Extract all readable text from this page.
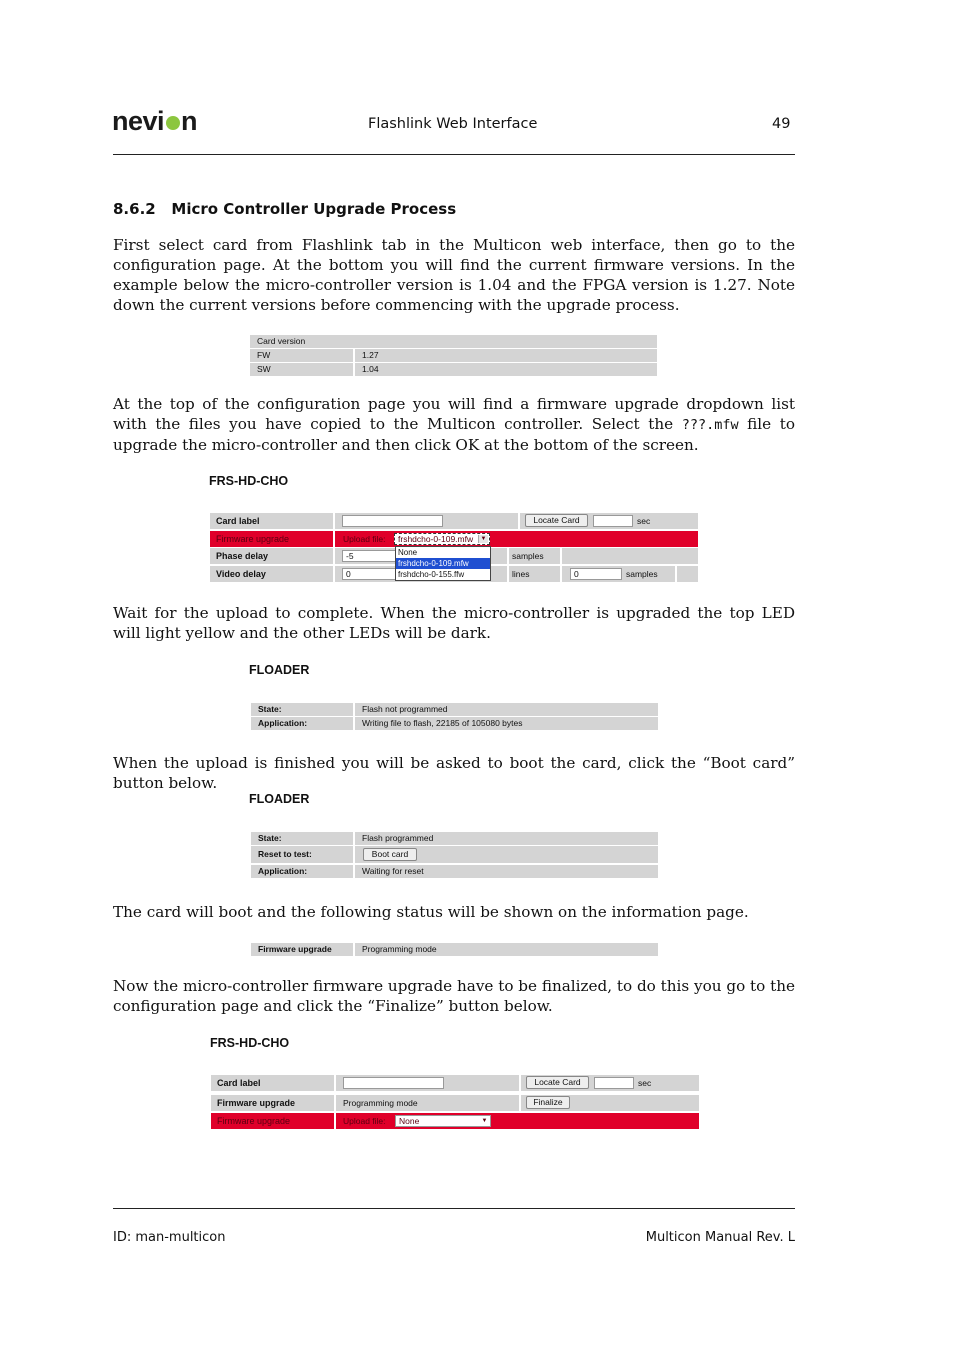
nevi n	Flashlink Web Interface	49
8.6.2 Micro Controller Upgrade Process
First select card from Flashlink tab in the Multicon web interface, then go to the configuration page. At the bottom you will find the current firmware versions. In the example below the micro-controller version is 1.04 and the FPGA version is 1.27. Note down the current versions before commencing with the upgrade process.
Card version
FW	1.27
SW	1.04
At the top of the configuration page you will find a firmware upgrade dropdown list with the files you have copied to the Multicon controller. Select the ???.mfw file to upgrade the micro-controller and then click OK at the bottom of the screen.
FRS-HD-CHO
Card label	Locate Card	sec
Firmware upgrade	Upload file:	frshdcho-0-109.mfw	▼
Phase delay	-5	samples
Video delay	0	lines	0	samples
None
frshdcho-0-109.mfw
frshdcho-0-155.ffw
Wait for the upload to complete. When the micro-controller is upgraded the top LED will light yellow and the other LEDs will be dark.
FLOADER
State:	Flash not programmed
Application:	Writing file to flash, 22185 of 105080 bytes
When the upload is finished you will be asked to boot the card, click the “Boot card” button below.
FLOADER
State:	Flash programmed
Reset to test:	Boot card
Application:	Waiting for reset
The card will boot and the following status will be shown on the information page.
Firmware upgrade	Programming mode
Now the micro-controller firmware upgrade have to be finalized, to do this you go to the configuration page and click the “Finalize” button below.
FRS-HD-CHO
Card label	Locate Card	sec
Firmware upgrade	Programming mode	Finalize
Firmware upgrade	Upload file:	None	▼
ID: man-multicon	Multicon Manual Rev. L
